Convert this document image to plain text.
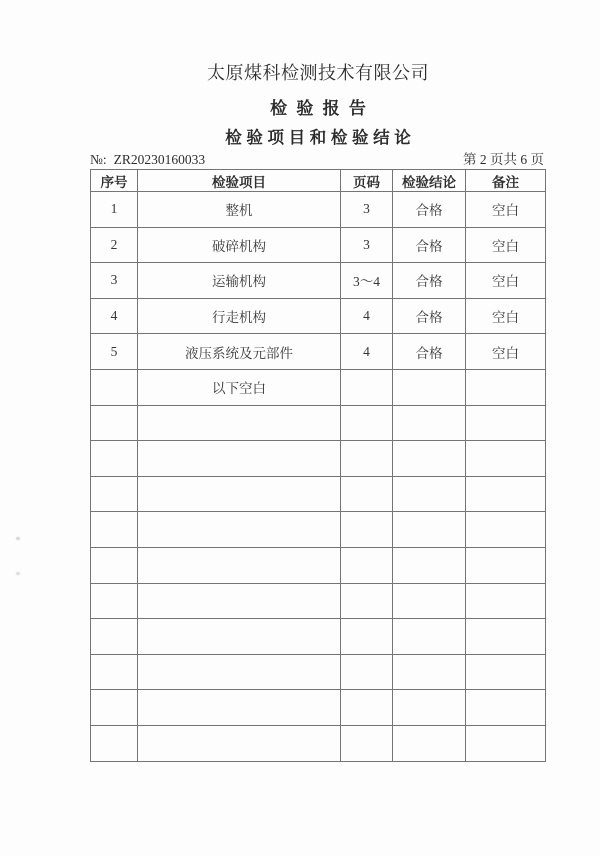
太原煤科检测技术有限公司
检 验 报 告
检 验 项 目 和 检 验 结 论
№: ZR20230160033	第 2 页共 6 页
序号	检验项目	页码	检验结论	备注
1	整机	3	合格	空白
2	破碎机构	3	合格	空白
3	运输机构	3～4	合格	空白
4	行走机构	4	合格	空白
5	液压系统及元部件	4	合格	空白
	以下空白			
